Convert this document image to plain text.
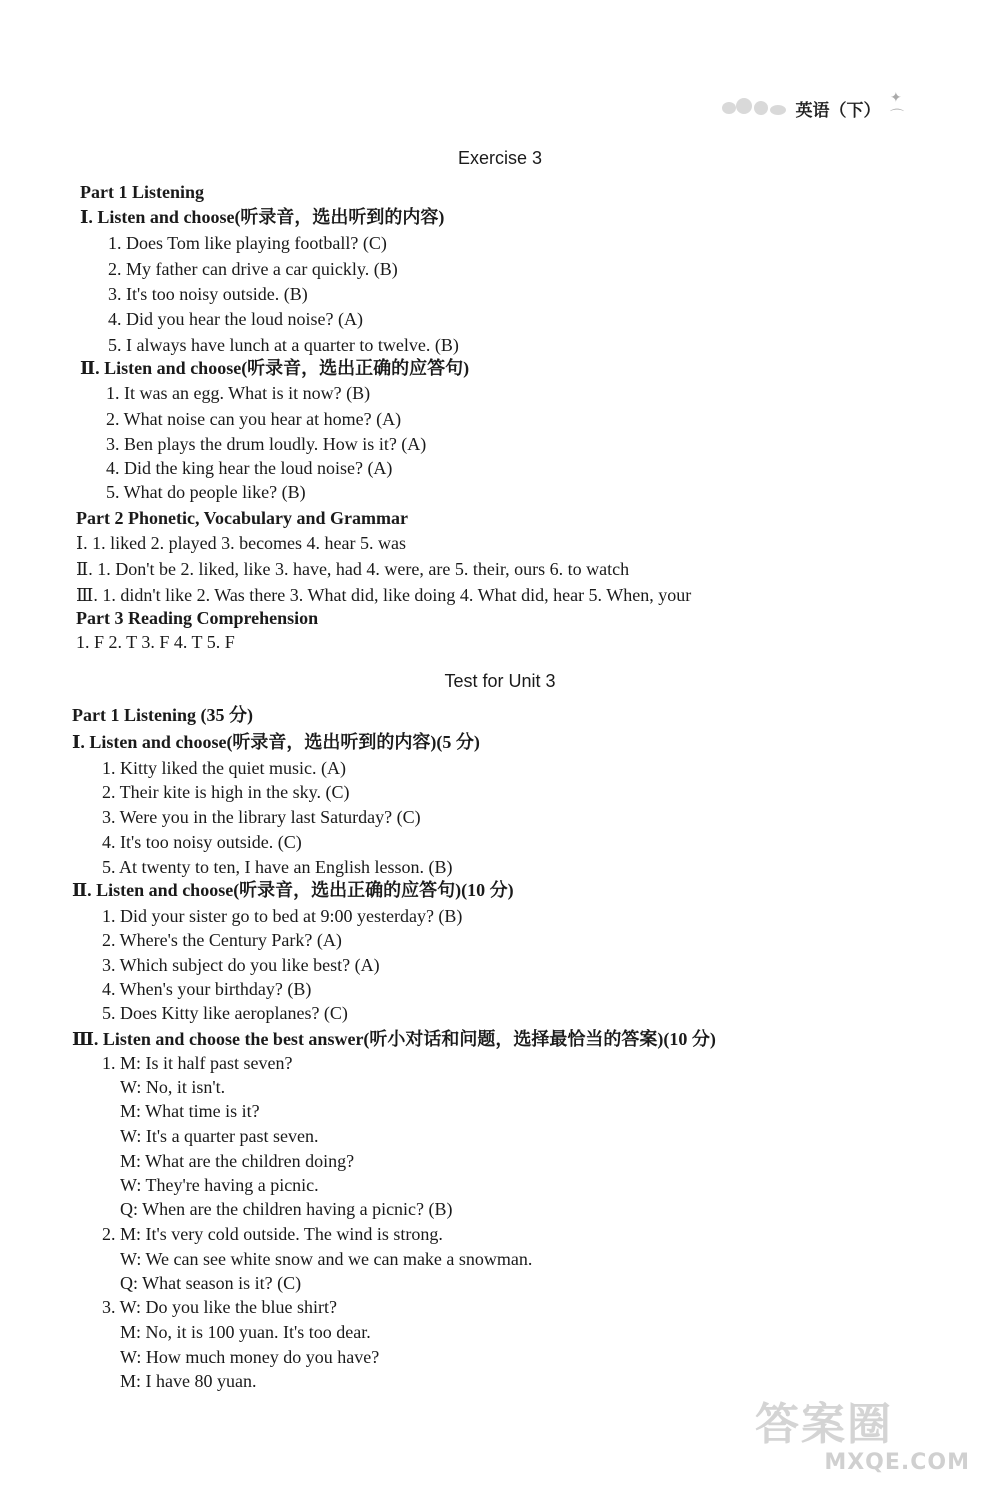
英语（下）
✦ ⌒
Exercise 3
Part 1 Listening
Ⅰ. Listen and choose(听录音，选出听到的内容)
1. Does Tom like playing football? (C)
2. My father can drive a car quickly. (B)
3. It's too noisy outside. (B)
4. Did you hear the loud noise? (A)
5. I always have lunch at a quarter to twelve. (B)
Ⅱ. Listen and choose(听录音，选出正确的应答句)
1. It was an egg. What is it now? (B)
2. What noise can you hear at home? (A)
3. Ben plays the drum loudly. How is it? (A)
4. Did the king hear the loud noise? (A)
5. What do people like? (B)
Part 2 Phonetic, Vocabulary and Grammar
Ⅰ. 1. liked 2. played 3. becomes 4. hear 5. was
Ⅱ. 1. Don't be 2. liked, like 3. have, had 4. were, are 5. their, ours 6. to watch
Ⅲ. 1. didn't like 2. Was there 3. What did, like doing 4. What did, hear 5. When, your
Part 3 Reading Comprehension
1. F 2. T 3. F 4. T 5. F
Test for Unit 3
Part 1 Listening (35 分)
Ⅰ. Listen and choose(听录音，选出听到的内容)(5 分)
1. Kitty liked the quiet music. (A)
2. Their kite is high in the sky. (C)
3. Were you in the library last Saturday? (C)
4. It's too noisy outside. (C)
5. At twenty to ten, I have an English lesson. (B)
Ⅱ. Listen and choose(听录音，选出正确的应答句)(10 分)
1. Did your sister go to bed at 9:00 yesterday? (B)
2. Where's the Century Park? (A)
3. Which subject do you like best? (A)
4. When's your birthday? (B)
5. Does Kitty like aeroplanes? (C)
Ⅲ. Listen and choose the best answer(听小对话和问题，选择最恰当的答案)(10 分)
1. M: Is it half past seven?
W: No, it isn't.
M: What time is it?
W: It's a quarter past seven.
M: What are the children doing?
W: They're having a picnic.
Q: When are the children having a picnic? (B)
2. M: It's very cold outside. The wind is strong.
W: We can see white snow and we can make a snowman.
Q: What season is it? (C)
3. W: Do you like the blue shirt?
M: No, it is 100 yuan. It's too dear.
W: How much money do you have?
M: I have 80 yuan.
答案圈
MXQE.COM
